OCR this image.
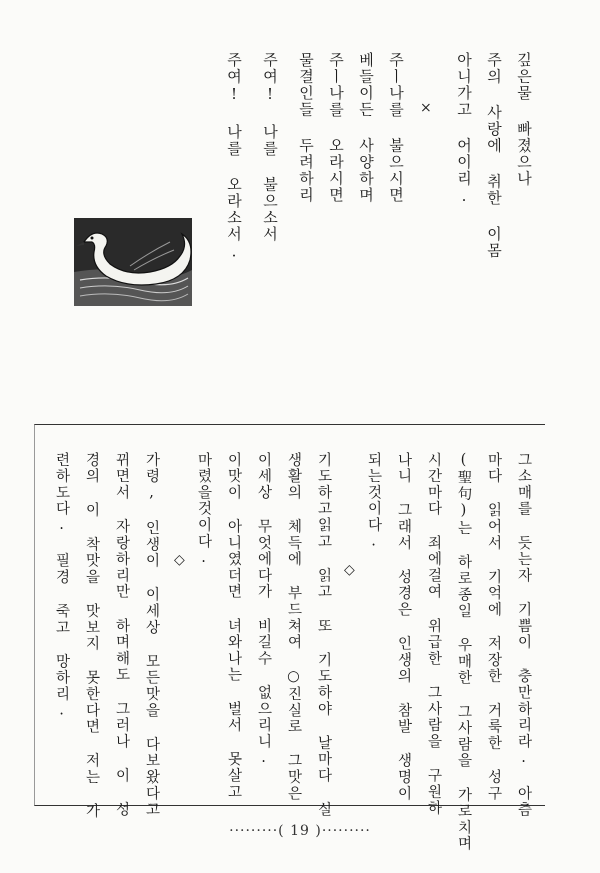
깊은물 빠졌으나
주의 사랑에 취한 이몸
아니가고 어이리.
×
주ㅣ나를 불으시면
베들이든 사양하며
주ㅣ나를 오라시면
물결인들 두려하리
주여! 나를 불으소서
주여! 나를 오라소서.
그소매를 듯는자 기쁨이 충만하리라. 아츰
마다 읽어서 기억에 저장한 거룩한 성구
(聖句)는 하로종일 우매한 그사람을 가로치며
시간마다 죄에걸여 위급한 그사람을 구원하
나니 그래서 성경은 인생의 참발 생명이
되는것이다.
◇
기도하고읽고 읽고 또 기도하야 날마다 실
생활의 체득에 부드쳐여 ○진실로 그맛은
이세상 무엇에다가 비길수 없으리니.
이맛이 아니였더면 녀와나는 벌서 못살고
마렸을것이다.
◇
가령, 인생이 이세상 모든맛을 다보왔다고
뀌면서 자랑하리만 하며해도 그러나 이 성
경의 이 착맛을 맛보지 못한다면 저는 가
련하도다. 필경 죽고 망하리.
·········( 19 )·········
